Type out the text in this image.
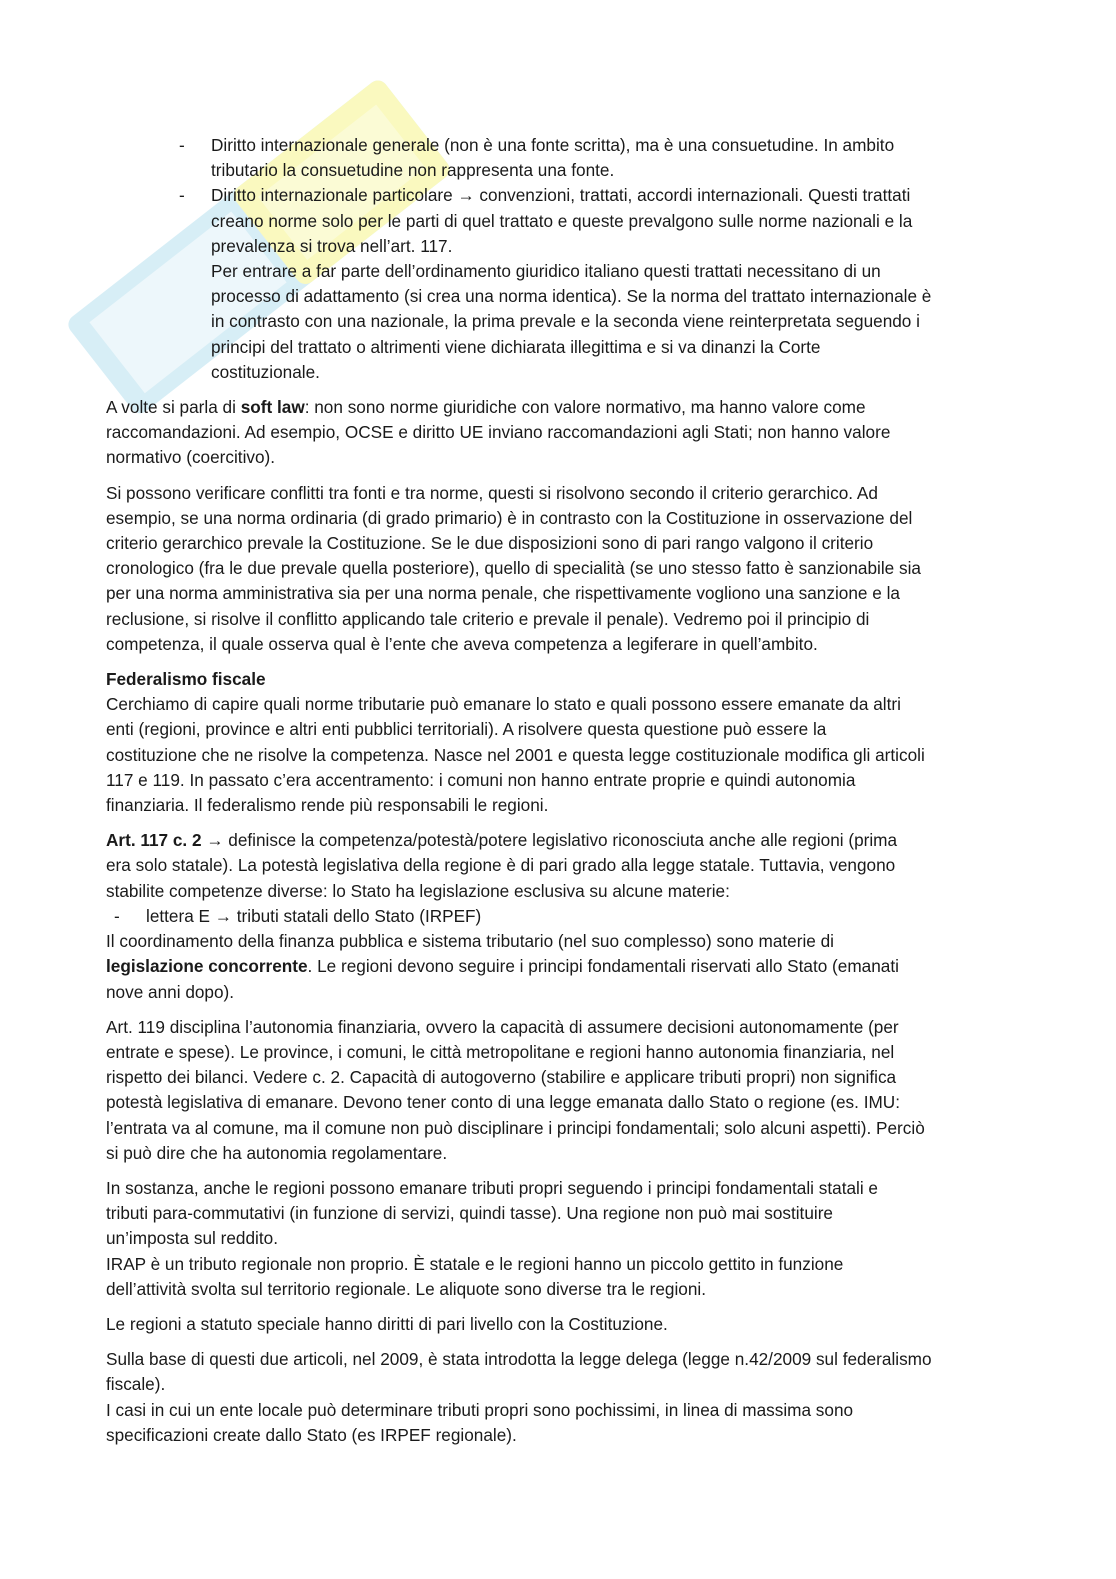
- Diritto internazionale generale (non è una fonte scritta), ma è una consuetudine. In ambito
tributario la consuetudine non rappresenta una fonte.
- Diritto internazionale particolare → convenzioni, trattati, accordi internazionali. Questi trattati
creano norme solo per le parti di quel trattato e queste prevalgono sulle norme nazionali e la
prevalenza si trova nell’art. 117.
Per entrare a far parte dell’ordinamento giuridico italiano questi trattati necessitano di un
processo di adattamento (si crea una norma identica). Se la norma del trattato internazionale è
in contrasto con una nazionale, la prima prevale e la seconda viene reinterpretata seguendo i
principi del trattato o altrimenti viene dichiarata illegittima e si va dinanzi la Corte
costituzionale.

A volte si parla di soft law: non sono norme giuridiche con valore normativo, ma hanno valore come
raccomandazioni. Ad esempio, OCSE e diritto UE inviano raccomandazioni agli Stati; non hanno valore
normativo (coercitivo).

Si possono verificare conflitti tra fonti e tra norme, questi si risolvono secondo il criterio gerarchico. Ad
esempio, se una norma ordinaria (di grado primario) è in contrasto con la Costituzione in osservazione del
criterio gerarchico prevale la Costituzione. Se le due disposizioni sono di pari rango valgono il criterio
cronologico (fra le due prevale quella posteriore), quello di specialità (se uno stesso fatto è sanzionabile sia
per una norma amministrativa sia per una norma penale, che rispettivamente vogliono una sanzione e la
reclusione, si risolve il conflitto applicando tale criterio e prevale il penale). Vedremo poi il principio di
competenza, il quale osserva qual è l’ente che aveva competenza a legiferare in quell’ambito.

Federalismo fiscale
Cerchiamo di capire quali norme tributarie può emanare lo stato e quali possono essere emanate da altri
enti (regioni, province e altri enti pubblici territoriali). A risolvere questa questione può essere la
costituzione che ne risolve la competenza. Nasce nel 2001 e questa legge costituzionale modifica gli articoli
117 e 119. In passato c’era accentramento: i comuni non hanno entrate proprie e quindi autonomia
finanziaria. Il federalismo rende più responsabili le regioni.

Art. 117 c. 2 → definisce la competenza/potestà/potere legislativo riconosciuta anche alle regioni (prima
era solo statale). La potestà legislativa della regione è di pari grado alla legge statale. Tuttavia, vengono
stabilite competenze diverse: lo Stato ha legislazione esclusiva su alcune materie:
- lettera E → tributi statali dello Stato (IRPEF)
Il coordinamento della finanza pubblica e sistema tributario (nel suo complesso) sono materie di
legislazione concorrente. Le regioni devono seguire i principi fondamentali riservati allo Stato (emanati
nove anni dopo).

Art. 119 disciplina l’autonomia finanziaria, ovvero la capacità di assumere decisioni autonomamente (per
entrate e spese). Le province, i comuni, le città metropolitane e regioni hanno autonomia finanziaria, nel
rispetto dei bilanci. Vedere c. 2. Capacità di autogoverno (stabilire e applicare tributi propri) non significa
potestà legislativa di emanare. Devono tener conto di una legge emanata dallo Stato o regione (es. IMU:
l’entrata va al comune, ma il comune non può disciplinare i principi fondamentali; solo alcuni aspetti). Perciò
si può dire che ha autonomia regolamentare.

In sostanza, anche le regioni possono emanare tributi propri seguendo i principi fondamentali statali e
tributi para-commutativi (in funzione di servizi, quindi tasse). Una regione non può mai sostituire
un’imposta sul reddito.
IRAP è un tributo regionale non proprio. È statale e le regioni hanno un piccolo gettito in funzione
dell’attività svolta sul territorio regionale. Le aliquote sono diverse tra le regioni.

Le regioni a statuto speciale hanno diritti di pari livello con la Costituzione.

Sulla base di questi due articoli, nel 2009, è stata introdotta la legge delega (legge n.42/2009 sul federalismo
fiscale).
I casi in cui un ente locale può determinare tributi propri sono pochissimi, in linea di massima sono
specificazioni create dallo Stato (es IRPEF regionale).
